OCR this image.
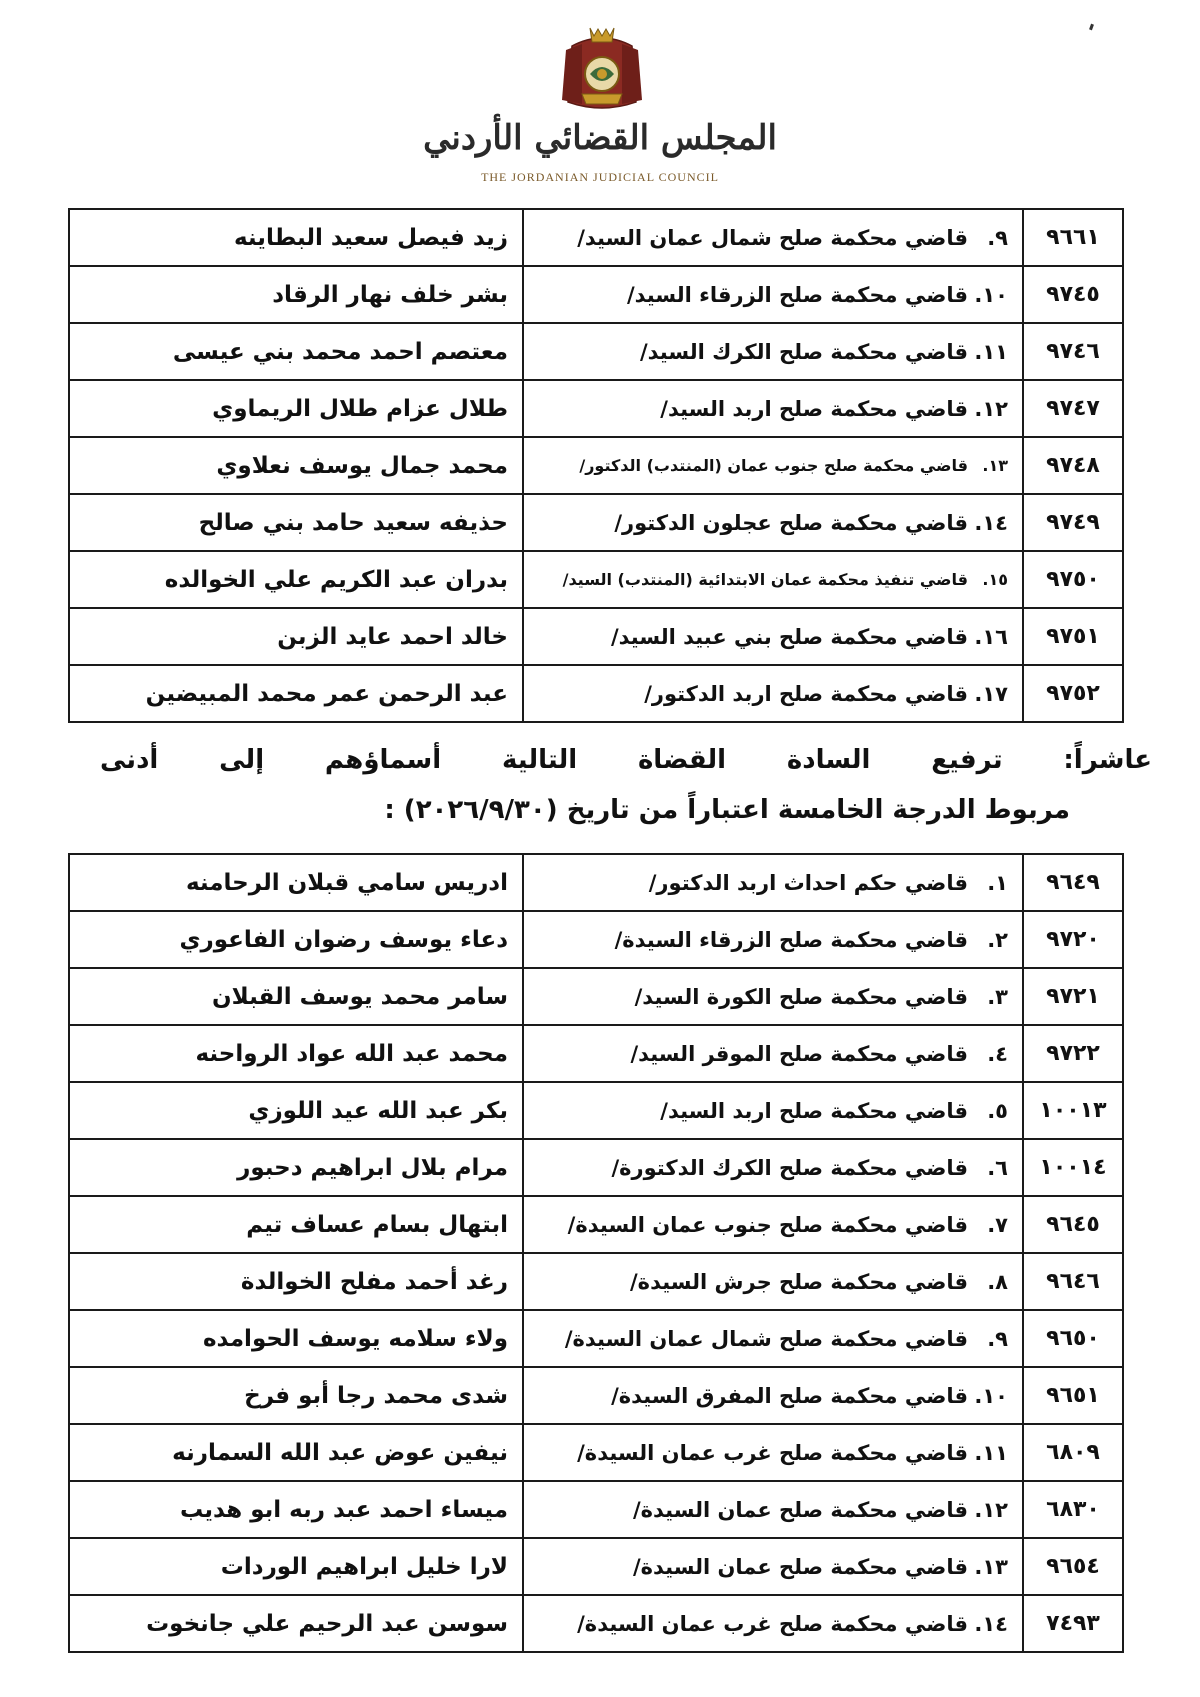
المجلس القضائي الأردني
THE JORDANIAN JUDICIAL COUNCIL
٩٦٦١	٩.قاضي محكمة صلح شمال عمان السيد/	زيد فيصل سعيد البطاينه
٩٧٤٥	١٠.قاضي محكمة صلح الزرقاء السيد/	بشر خلف نهار الرقاد
٩٧٤٦	١١.قاضي محكمة صلح الكرك السيد/	معتصم احمد محمد بني عيسى
٩٧٤٧	١٢.قاضي محكمة صلح اربد السيد/	طلال عزام طلال الريماوي
٩٧٤٨	١٣.قاضي محكمة صلح جنوب عمان (المنتدب) الدكتور/	محمد جمال يوسف نعلاوي
٩٧٤٩	١٤.قاضي محكمة صلح عجلون الدكتور/	حذيفه سعيد حامد بني صالح
٩٧٥٠	١٥.قاضي تنفيذ محكمة عمان الابتدائية (المنتدب) السيد/	بدران عبد الكريم علي الخوالده
٩٧٥١	١٦.قاضي محكمة صلح بني عبيد السيد/	خالد احمد عايد الزبن
٩٧٥٢	١٧.قاضي محكمة صلح اربد الدكتور/	عبد الرحمن عمر محمد المبيضين
عاشراً: ترفيع السادة القضاة التالية أسماؤهم إلى أدنى
مربوط الدرجة الخامسة اعتباراً من تاريخ (٢٠٢٦/٩/٣٠) :
٩٦٤٩	١.قاضي حكم احداث اربد الدكتور/	ادريس سامي قبلان الرحامنه
٩٧٢٠	٢.قاضي محكمة صلح الزرقاء السيدة/	دعاء يوسف رضوان الفاعوري
٩٧٢١	٣.قاضي محكمة صلح الكورة السيد/	سامر محمد يوسف القبلان
٩٧٢٢	٤.قاضي محكمة صلح الموقر السيد/	محمد عبد الله عواد الرواحنه
١٠٠١٣	٥.قاضي محكمة صلح اربد السيد/	بكر عبد الله عيد اللوزي
١٠٠١٤	٦.قاضي محكمة صلح الكرك الدكتورة/	مرام بلال ابراهيم دحبور
٩٦٤٥	٧.قاضي محكمة صلح جنوب عمان السيدة/	ابتهال بسام عساف تيم
٩٦٤٦	٨.قاضي محكمة صلح جرش السيدة/	رغد أحمد مفلح الخوالدة
٩٦٥٠	٩.قاضي محكمة صلح شمال عمان السيدة/	ولاء سلامه يوسف الحوامده
٩٦٥١	١٠.قاضي محكمة صلح المفرق السيدة/	شدى محمد رجا أبو فرخ
٦٨٠٩	١١.قاضي محكمة صلح غرب عمان السيدة/	نيفين عوض عبد الله السمارنه
٦٨٣٠	١٢.قاضي محكمة صلح عمان السيدة/	ميساء احمد عبد ربه ابو هديب
٩٦٥٤	١٣.قاضي محكمة صلح عمان السيدة/	لارا خليل ابراهيم الوردات
٧٤٩٣	١٤.قاضي محكمة صلح غرب عمان السيدة/	سوسن عبد الرحيم علي جانخوت
